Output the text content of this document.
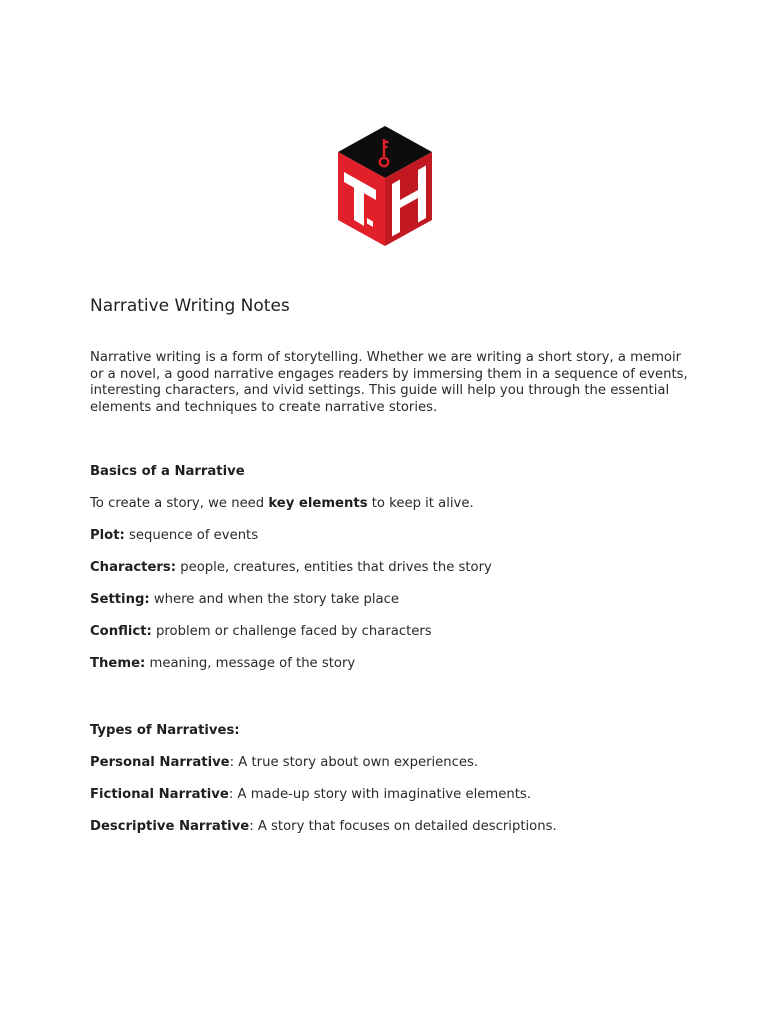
Narrative Writing Notes

Narrative writing is a form of storytelling. Whether we are writing a short story, a memoir or a novel, a good narrative engages readers by immersing them in a sequence of events, interesting characters, and vivid settings. This guide will help you through the essential elements and techniques to create narrative stories.

Basics of a Narrative

To create a story, we need key elements to keep it alive.

Plot: sequence of events

Characters: people, creatures, entities that drives the story

Setting: where and when the story take place

Conflict: problem or challenge faced by characters

Theme: meaning, message of the story

Types of Narratives:

Personal Narrative: A true story about own experiences.

Fictional Narrative: A made-up story with imaginative elements.

Descriptive Narrative: A story that focuses on detailed descriptions.
